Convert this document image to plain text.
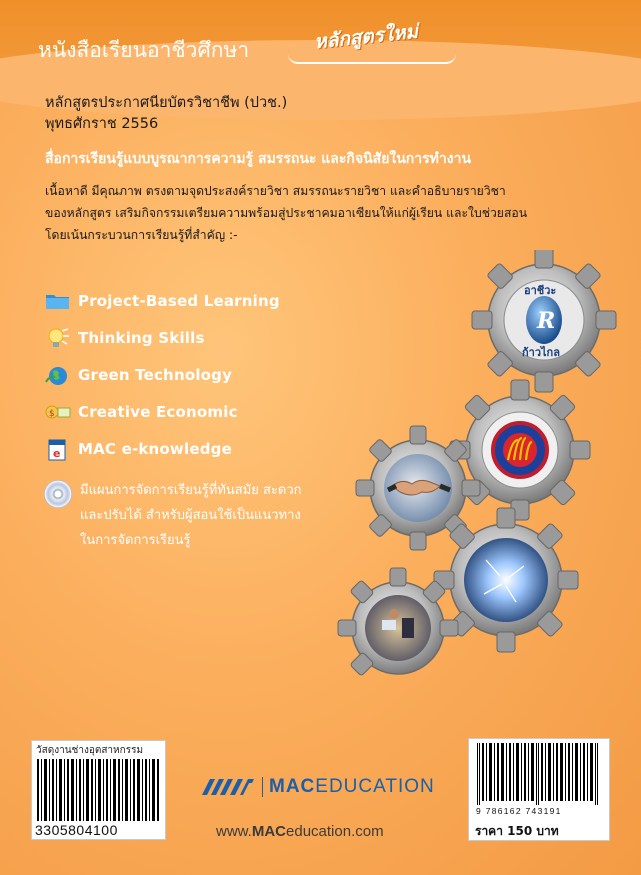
หนังสือเรียนอาชีวศึกษา	หลักสูตรใหม่
หลักสูตรประกาศนียบัตรวิชาชีพ (ปวช.)
พุทธศักราช 2556
สื่อการเรียนรู้แบบบูรณาการความรู้ สมรรถนะ และกิจนิสัยในการทำงาน
เนื้อหาดี มีคุณภาพ ตรงตามจุดประสงค์รายวิชา สมรรถนะรายวิชา และคำอธิบายรายวิชา
ของหลักสูตร เสริมกิจกรรมเตรียมความพร้อมสู่ประชาคมอาเซียนให้แก่ผู้เรียน และใบช่วยสอน
โดยเน้นกระบวนการเรียนรู้ที่สำคัญ :-
Project-Based Learning
Thinking Skills
Green Technology
$ Creative Economic
e MAC e-knowledge
มีแผนการจัดการเรียนรู้ที่ทันสมัย สะดวก
และปรับได้ สำหรับผู้สอนใช้เป็นแนวทาง
ในการจัดการเรียนรู้
R
อาชีวะ
ก้าวไกล
วัสดุงานช่างอุตสาหกรรม
3305804100
MACEDUCATION
www.MACeducation.com
9 786162 743191
ราคา 150 บาท
